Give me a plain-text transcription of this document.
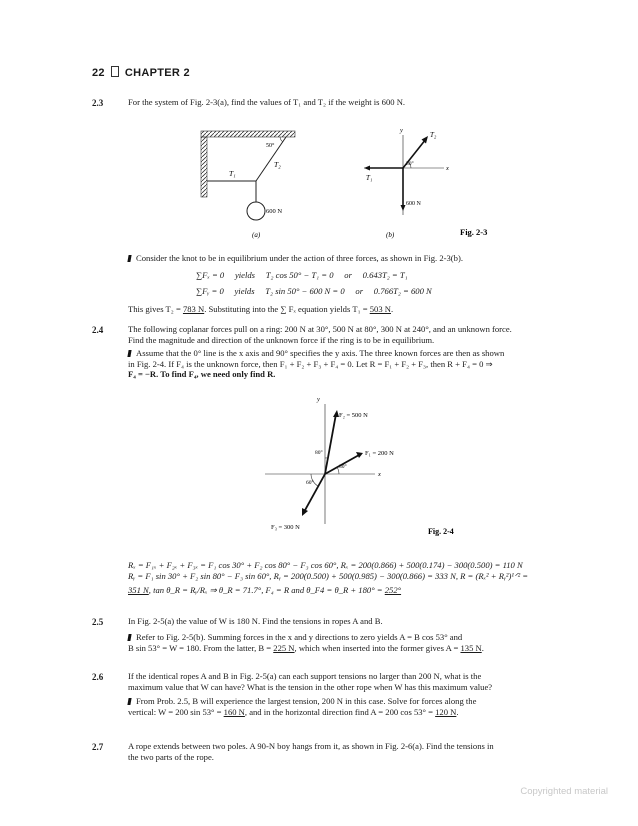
22 CHAPTER 2
2.3	For the system of Fig. 2-3(a), find the values of T₁ and T₂ if the weight is 600 N.
50°
T₁
T₂
600 N
(a)
y
x
50°
T₁
T₂
600 N
(b)	Fig. 2-3
Consider the knot to be in equilibrium under the action of three forces, as shown in Fig. 2-3(b).
∑Fₓ = 0     yields     T₂ cos 50° − T₁ = 0     or     0.643T₂ = T₁
∑Fᵧ = 0     yields     T₂ sin 50° − 600 N = 0     or     0.766T₂ = 600 N
This gives T₂ = 783 N. Substituting into the ∑ Fₓ equation yields T₁ = 503 N.
2.4	The following coplanar forces pull on a ring: 200 N at 30°, 500 N at 80°, 300 N at 240°, and an unknown force.
Find the magnitude and direction of the unknown force if the ring is to be in equilibrium.
Assume that the 0° line is the x axis and 90° specifies the y axis. The three known forces are then as shown
in Fig. 2-4. If F₄ is the unknown force, then F₁ + F₂ + F₃ + F₄ = 0. Let R = F₁ + F₂ + F₃, then R + F₄ = 0 ⇒
F₄ = −R. To find F₄, we need only find R.
y
x
F₂ = 500 N
F₁ = 200 N
F₃ = 300 N
80°
30°
60°
Fig. 2-4
Rₓ = F₁ₓ + F₂ₓ + F₃ₓ = F₁ cos 30° + F₂ cos 80° − F₃ cos 60°, Rₓ = 200(0.866) + 500(0.174) − 300(0.500) = 110 N
Rᵧ = F₁ sin 30° + F₂ sin 80° − F₃ sin 60°, Rᵧ = 200(0.500) + 500(0.985) − 300(0.866) = 333 N, R = (Rₓ² + Rᵧ²)¹ᐟ² =
351 N, tan θ_R = Rᵧ/Rₓ ⇒ θ_R = 71.7°, F₄ = R and θ_F4 = θ_R + 180° = 252°
2.5	In Fig. 2-5(a) the value of W is 180 N. Find the tensions in ropes A and B.
Refer to Fig. 2-5(b). Summing forces in the x and y directions to zero yields A = B cos 53° and
B sin 53° = W = 180. From the latter, B = 225 N, which when inserted into the former gives A = 135 N.
2.6	If the identical ropes A and B in Fig. 2-5(a) can each support tensions no larger than 200 N, what is the
maximum value that W can have? What is the tension in the other rope when W has this maximum value?
From Prob. 2.5, B will experience the largest tension, 200 N in this case. Solve for forces along the
vertical: W = 200 sin 53° = 160 N, and in the horizontal direction find A = 200 cos 53° = 120 N.
2.7	A rope extends between two poles. A 90-N boy hangs from it, as shown in Fig. 2-6(a). Find the tensions in
the two parts of the rope.
Copyrighted material
